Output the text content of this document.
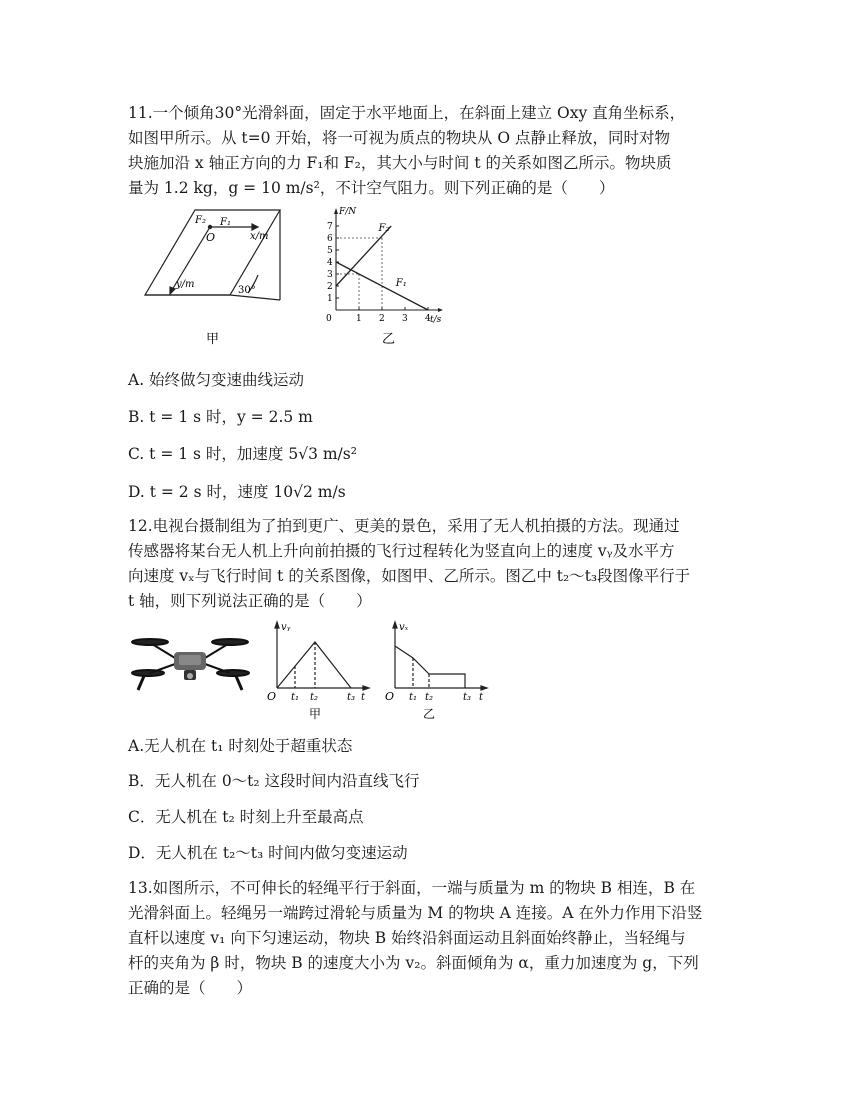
11.一个倾角30°光滑斜面，固定于水平地面上，在斜面上建立 Oxy 直角坐标系，
如图甲所示。从 t=0 开始，将一可视为质点的物块从 O 点静止释放，同时对物
块施加沿 x 轴正方向的力 F₁和 F₂，其大小与时间 t 的关系如图乙所示。物块质
量为 1.2 kg，g = 10 m/s²，不计空气阻力。则下列正确的是（　　）
F₂ F₁
O	x/m
y/m
30°
甲
1
2
3
4
5
6
7
1 2 3 4
0
F/N
t/s
F₁
F₂
乙
A. 始终做匀变速曲线运动
B. t = 1 s 时，y = 2.5 m
C. t = 1 s 时，加速度 5√3 m/s²
D. t = 2 s 时，速度 10√2 m/s
12.电视台摄制组为了拍到更广、更美的景色，采用了无人机拍摄的方法。现通过
传感器将某台无人机上升向前拍摄的飞行过程转化为竖直向上的速度 vᵧ及水平方
向速度 vₓ与飞行时间 t 的关系图像，如图甲、乙所示。图乙中 t₂～t₃段图像平行于
t 轴，则下列说法正确的是（　　）
vᵧ
O t₁ t₂	t₃ t
甲
vₓ
O t₁ t₂	t₃ t
乙
A.无人机在 t₁ 时刻处于超重状态
B．无人机在 0～t₂ 这段时间内沿直线飞行
C．无人机在 t₂ 时刻上升至最高点
D．无人机在 t₂～t₃ 时间内做匀变速运动
13.如图所示，不可伸长的轻绳平行于斜面，一端与质量为 m 的物块 B 相连，B 在
光滑斜面上。轻绳另一端跨过滑轮与质量为 M 的物块 A 连接。A 在外力作用下沿竖
直杆以速度 v₁ 向下匀速运动，物块 B 始终沿斜面运动且斜面始终静止，当轻绳与
杆的夹角为 β 时，物块 B 的速度大小为 v₂。斜面倾角为 α，重力加速度为 g，下列
正确的是（　　）
